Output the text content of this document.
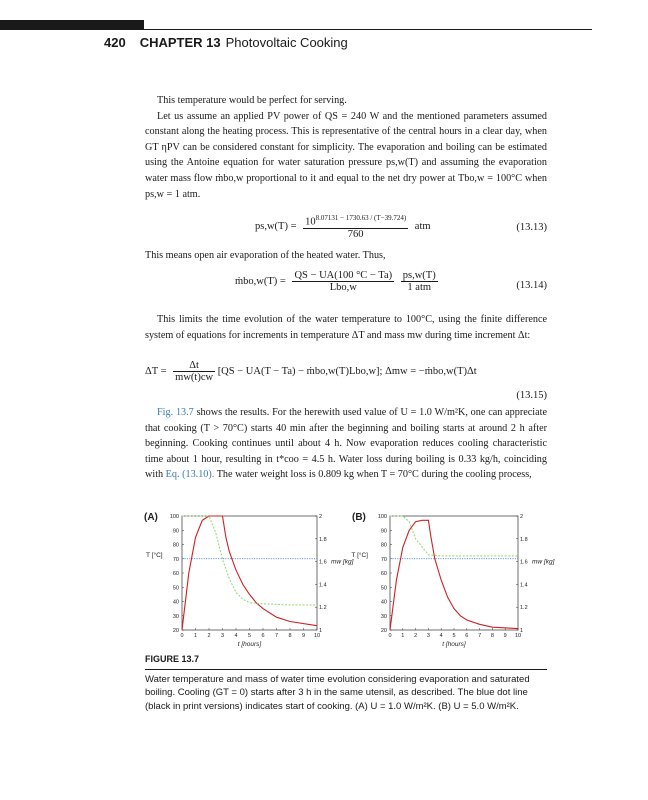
420 CHAPTER 13 Photovoltaic Cooking

This temperature would be perfect for serving.

Let us assume an applied PV power of QS = 240 W and the mentioned parameters assumed constant along the heating process. This is representative of the central hours in a clear day, when GT ηPV can be considered constant for simplicity. The evaporation and boiling can be estimated using the Antoine equation for water saturation pressure ps,w(T) and assuming the evaporation water mass flow ṁbo,w proportional to it and equal to the net dry power at Tbo,w = 100°C when ps,w = 1 atm.

$ps,w(T) = \frac{10^{8.07131 - 1730.63 / (T-39.724)}}{760}$ atm	(13.13)

This means open air evaporation of the heated water. Thus,

ṁbo,w(T) = $\frac{QS - UA(100 ^\circ C - Ta)}{\text{Lbo,w}}$
$\frac{ps,w(T)}{\text{1 atm}}$	(13.14)

This limits the time evolution of the water temperature to 100°C, using the finite difference system of equations for increments in temperature ΔT and mass mw during time increment Δt:

$\Delta T = \frac{\Delta t}{mw(t)cw} [QS - UA(T - Ta)$ − ṁbo,w(T)Lbo,w]; Δmw = −ṁbo,w(T)Δt
(13.15)

Fig. 13.7 shows the results. For the herewith used value of U = 1.0 W/m²K, one can appreciate that cooking (T > 70°C) starts 40 min after the beginning and boiling starts at around 2 h after beginning. Cooking continues until about 4 h. Now evaporation reduces cooling characteristic time about 1 hour, resulting in t*coo = 4.5 h. Water loss during boiling is 0.33 kg/h, coinciding with Eq. (13.10). The water weight loss is 0.809 kg when T = 70°C during the cooling process,

(A)
20
30
40
50
60
70
80
90
100
1
1.2
1.4
1.6
1.8
2
0 1 2 3 4 5 6 7 8 9 10
t [hours]
T [°C]
mw [kg]
(B)
20
30
40
50
60
70
80
90
100
1
1.2
1.4
1.6
1.8
2
0 1 2 3 4 5 6 7 8 9 10
t [hours]
T [°C]
mw [kg]
FIGURE 13.7
Water temperature and mass of water time evolution considering evaporation and saturated boiling. Cooling (GT = 0) starts after 3 h in the same utensil, as described. The blue dot line (black in print versions) indicates start of cooking. (A) U = 1.0 W/m²K. (B) U = 5.0 W/m²K.
